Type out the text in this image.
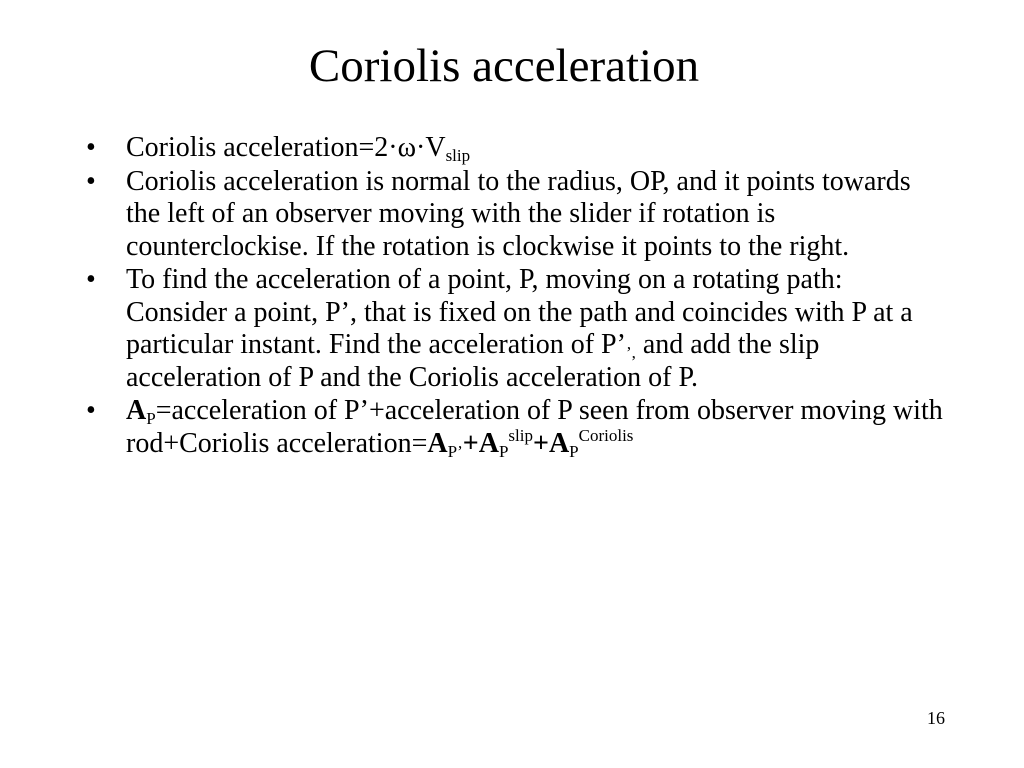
Coriolis acceleration
• Coriolis $acceleration=2\cdot\omega\cdot V_{slip}$
• Coriolis acceleration is normal to the radius, OP, and it points towards the left of an observer moving with the slider if rotation is counterclockise. If the rotation is clockwise it points to the right.
• To find the acceleration of a point, P, moving on a rotating path: Consider a point, P’, that is fixed on the path and coincides with P at a particular instant. Find the acceleration of $P’_{’,}$ and add the slip acceleration of P and the Coriolis acceleration of P.
• $A_P=acceleration$ of P’+acceleration of P seen from observer moving with rod+Coriolis $acceleration=A_{P’}+A_P^{slip}+A_P^{Coriolis}$
16
